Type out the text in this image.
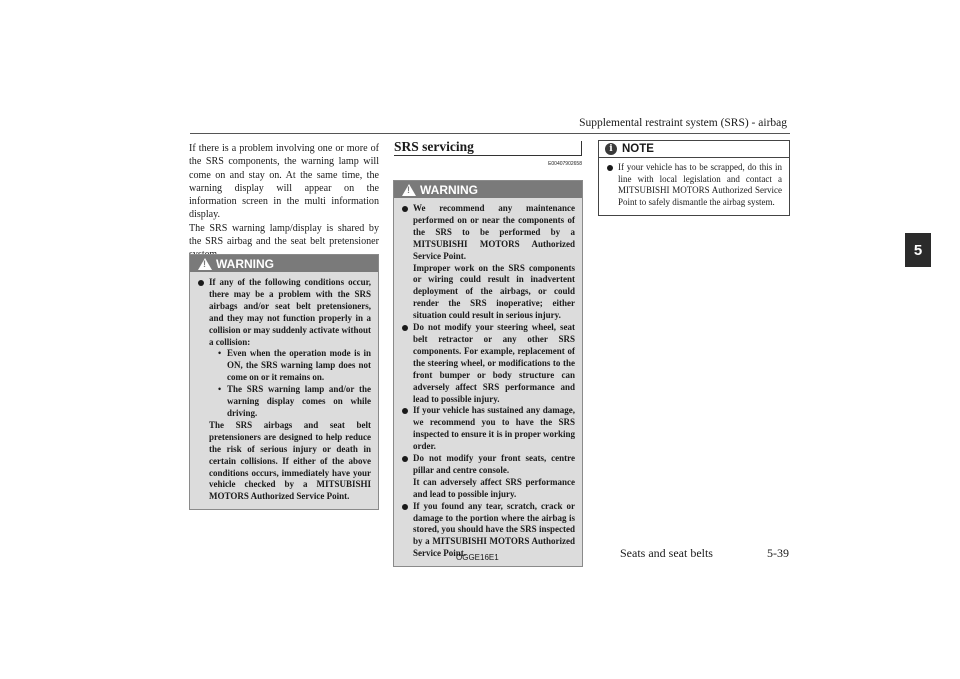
Supplemental restraint system (SRS) - airbag
5

If there is a problem involving one or more of the SRS components, the warning lamp will come on and stay on. At the same time, the warning display will appear on the information screen in the multi information display.

The SRS warning lamp/display is shared by the SRS airbag and the seat belt pretensioner

!
WARNING

If any of the following conditions occur, there may be a problem with the SRS airbags and/or seat belt pretensioners, and they may not function properly in a collision or may suddenly activate without a collision:

• Even when the operation mode is in ON, the SRS warning lamp does not come on or it remains on.

• The SRS warning lamp and/or the warning display comes on while driving.

The SRS airbags and seat belt pretensioners are designed to help reduce the risk of serious injury or death in certain collisions. If either of the above conditions occurs, immediately have your vehicle checked by a MITSUBISHI MOTORS Authorized Service Point.

SRS servicing
E00407902658
!
WARNING

We recommend any maintenance performed on or near the components of the SRS to be performed by a MITSUBISHI MOTORS Authorized Service Point.

Improper work on the SRS components or wiring could result in inadvertent deployment of the airbags, or could render the SRS inoperative; either situation could result in serious injury.

Do not modify your steering wheel, seat belt retractor or any other SRS components. For example, replacement of the steering wheel, or modifications to the front bumper or body structure can adversely affect SRS performance and lead to possible injury.

If your vehicle has sustained any damage, we recommend you to have the SRS inspected to ensure it is in proper working order.

Do not modify your front seats, centre pillar and centre console.

It can adversely affect SRS performance and lead to possible injury.

If you found any tear, scratch, crack or damage to the portion where the airbag is stored, you should have the SRS inspected by a MITSUBISHI MOTORS Authorized Service Point.

i NOTE

If your vehicle has to be scrapped, do this in line with local legislation and contact a MITSUBISHI MOTORS Authorized Service Point to safely dismantle the airbag system.

OGGE16E1	Seats and seat belts	5-39
